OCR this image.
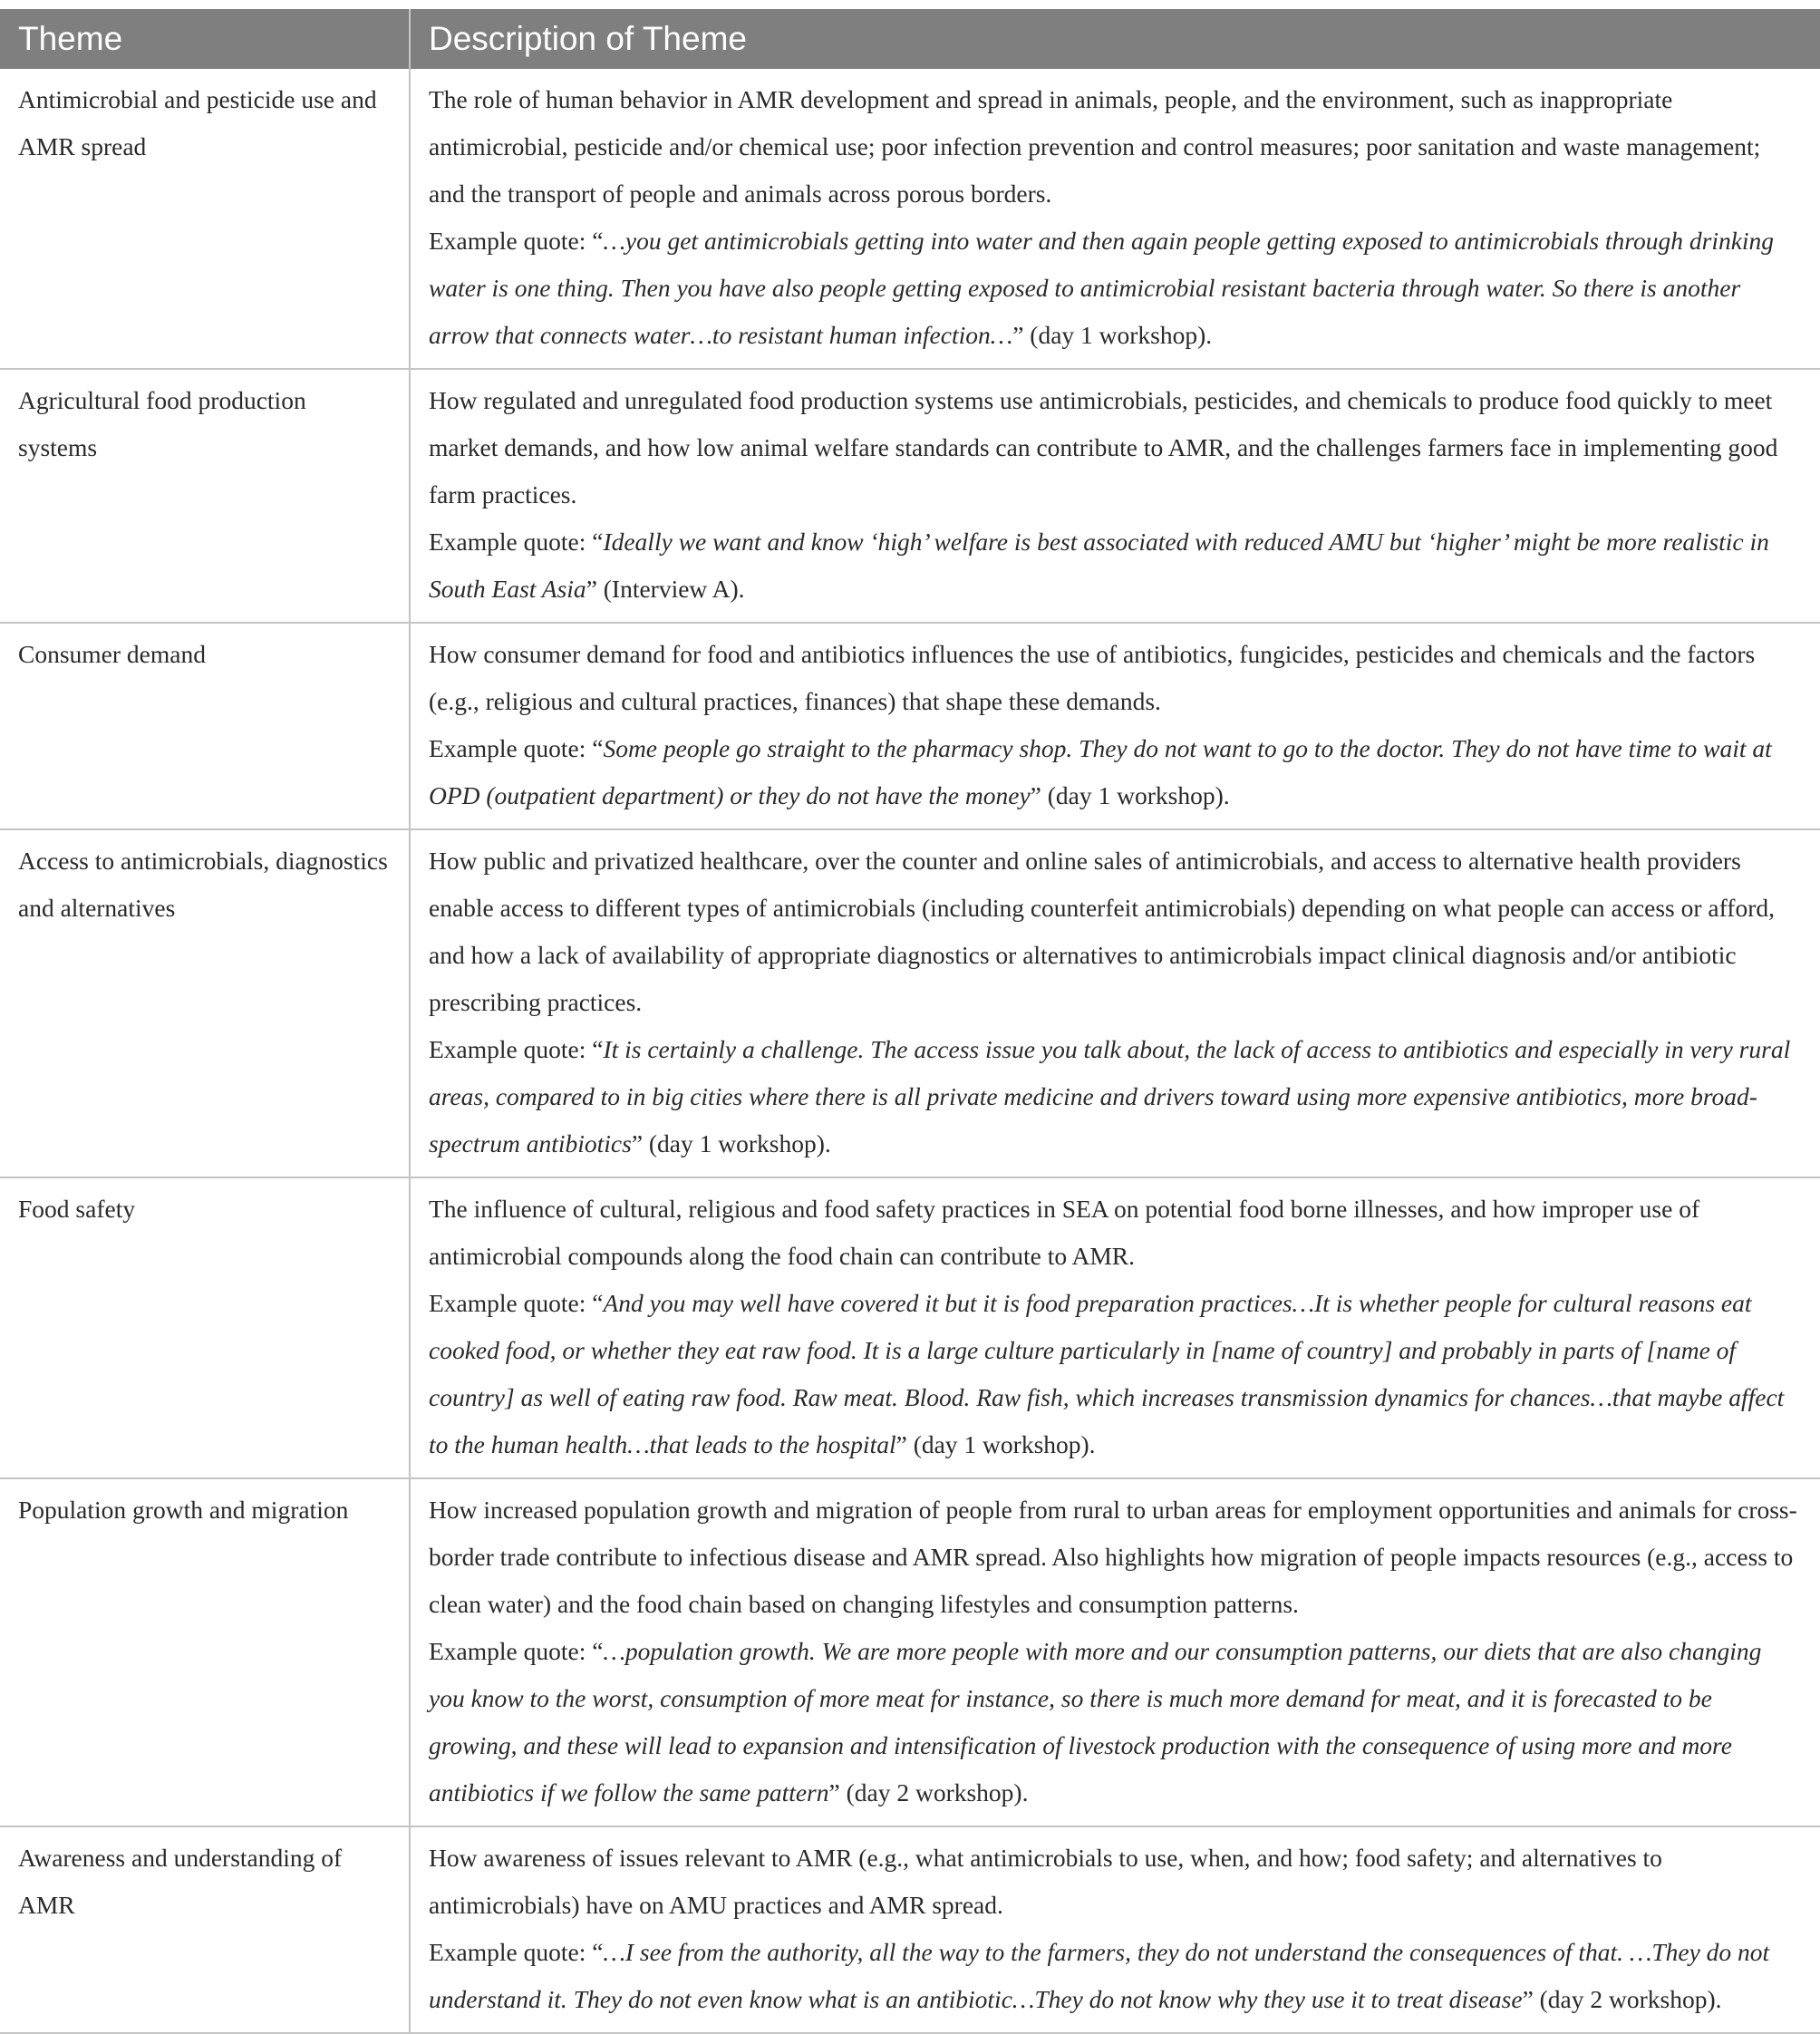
Theme	Description of Theme
Antimicrobial and pesticide use and AMR spread	The role of human behavior in AMR development and spread in animals, people, and the environment, such as inappropriate antimicrobial, pesticide and/or chemical use; poor infection prevention and control measures; poor sanitation and waste management; and the transport of people and animals across porous borders.
Example quote: “…you get antimicrobials getting into water and then again people getting exposed to antimicrobials through drinking water is one thing. Then you have also people getting exposed to antimicrobial resistant bacteria through water. So there is another arrow that connects water…to resistant human infection…” (day 1 workshop).

Agricultural food production systems	How regulated and unregulated food production systems use antimicrobials, pesticides, and chemicals to produce food quickly to meet market demands, and how low animal welfare standards can contribute to AMR, and the challenges farmers face in implementing good farm practices.
Example quote: “Ideally we want and know ‘high’ welfare is best associated with reduced AMU but ‘higher’ might be more realistic in South East Asia” (Interview A).

Consumer demand	How consumer demand for food and antibiotics influences the use of antibiotics, fungicides, pesticides and chemicals and the factors (e.g., religious and cultural practices, finances) that shape these demands.
Example quote: “Some people go straight to the pharmacy shop. They do not want to go to the doctor. They do not have time to wait at OPD (outpatient department) or they do not have the money” (day 1 workshop).

Access to antimicrobials, diagnostics and alternatives	How public and privatized healthcare, over the counter and online sales of antimicrobials, and access to alternative health providers enable access to different types of antimicrobials (including counterfeit antimicrobials) depending on what people can access or afford, and how a lack of availability of appropriate diagnostics or alternatives to antimicrobials impact clinical diagnosis and/or antibiotic prescribing practices.
Example quote: “It is certainly a challenge. The access issue you talk about, the lack of access to antibiotics and especially in very rural areas, compared to in big cities where there is all private medicine and drivers toward using more expensive antibiotics, more broad-spectrum antibiotics” (day 1 workshop).

Food safety	The influence of cultural, religious and food safety practices in SEA on potential food borne illnesses, and how improper use of antimicrobial compounds along the food chain can contribute to AMR.
Example quote: “And you may well have covered it but it is food preparation practices…It is whether people for cultural reasons eat cooked food, or whether they eat raw food. It is a large culture particularly in [name of country] and probably in parts of [name of country] as well of eating raw food. Raw meat. Blood. Raw fish, which increases transmission dynamics for chances…that maybe affect to the human health…that leads to the hospital” (day 1 workshop).

Population growth and migration	How increased population growth and migration of people from rural to urban areas for employment opportunities and animals for cross-border trade contribute to infectious disease and AMR spread. Also highlights how migration of people impacts resources (e.g., access to clean water) and the food chain based on changing lifestyles and consumption patterns.
Example quote: “…population growth. We are more people with more and our consumption patterns, our diets that are also changing you know to the worst, consumption of more meat for instance, so there is much more demand for meat, and it is forecasted to be growing, and these will lead to expansion and intensification of livestock production with the consequence of using more and more antibiotics if we follow the same pattern” (day 2 workshop).

Awareness and understanding of AMR	How awareness of issues relevant to AMR (e.g., what antimicrobials to use, when, and how; food safety; and alternatives to antimicrobials) have on AMU practices and AMR spread.
Example quote: “…I see from the authority, all the way to the farmers, they do not understand the consequences of that. …They do not understand it. They do not even know what is an antibiotic…They do not know why they use it to treat disease” (day 2 workshop).
